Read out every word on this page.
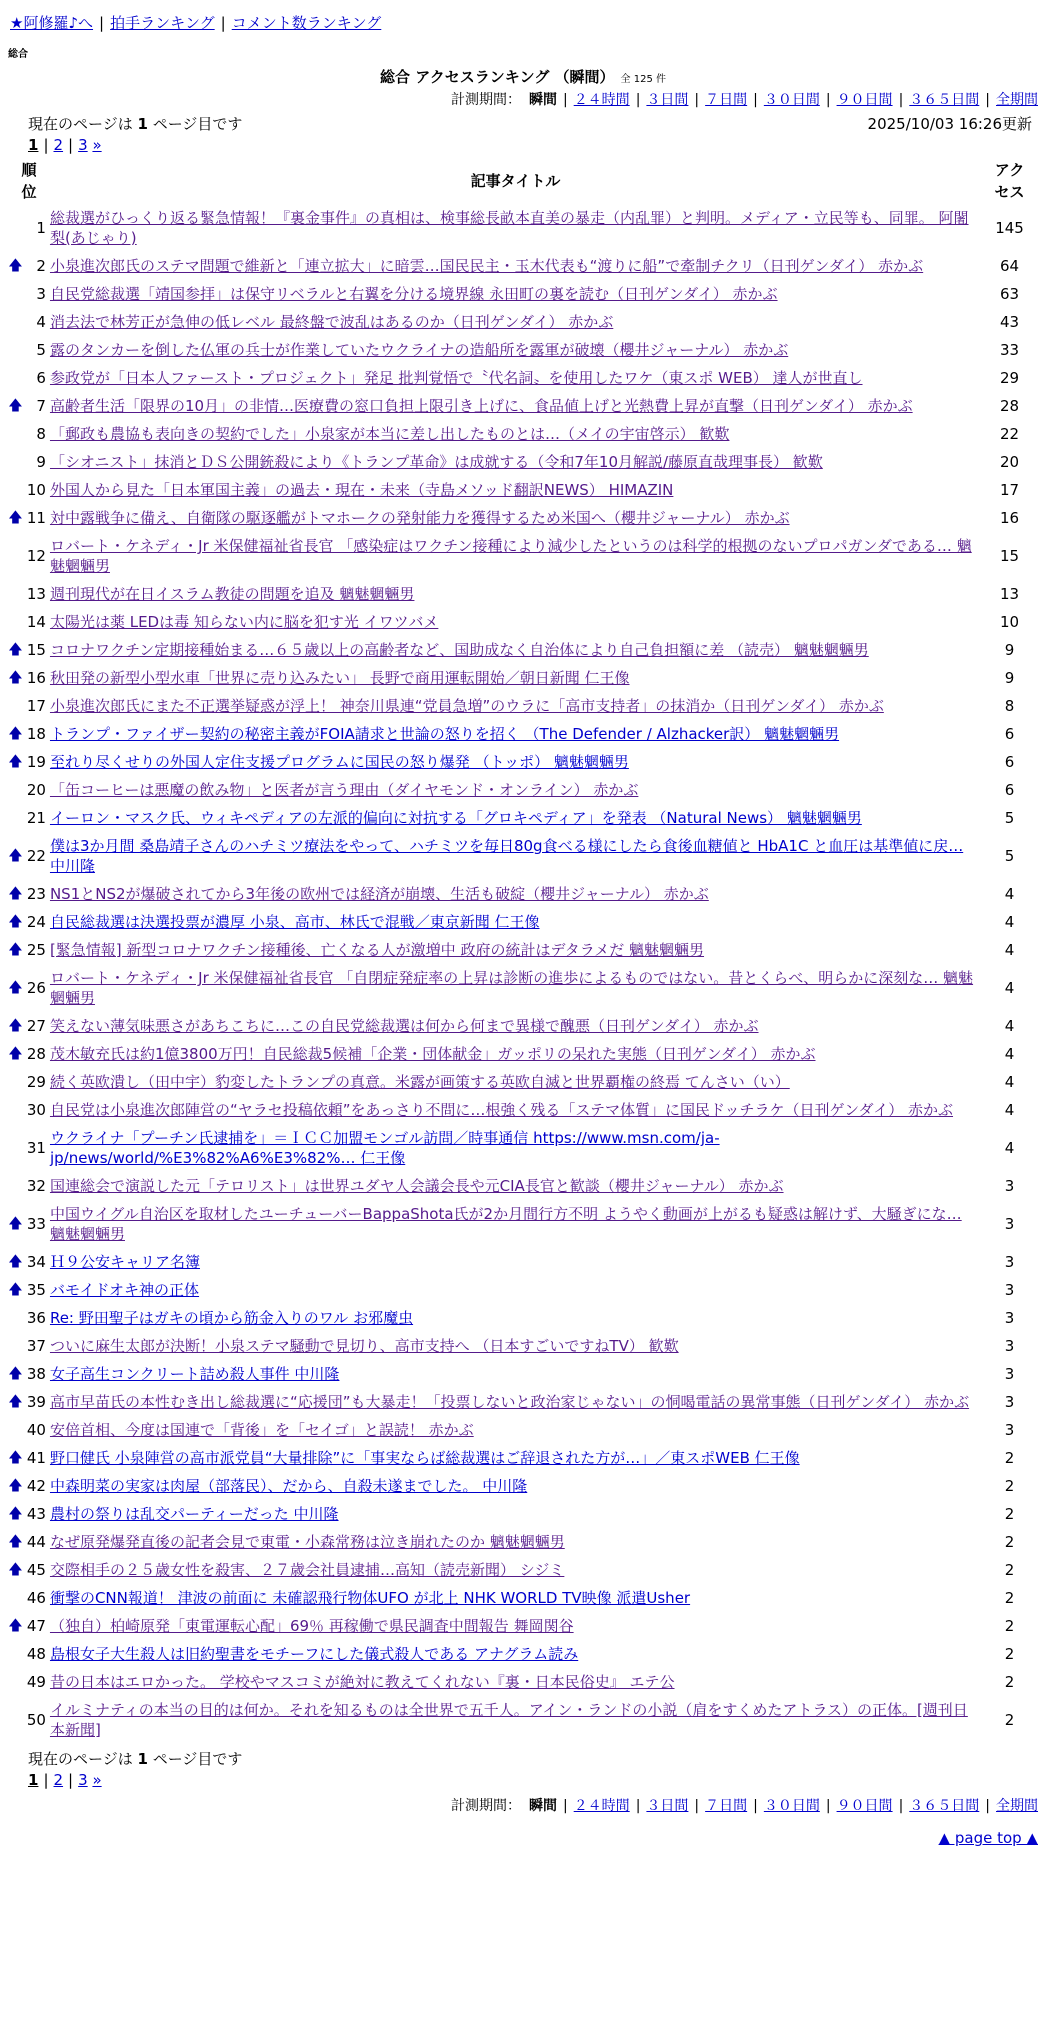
★阿修羅♪へ | 拍手ランキング | コメント数ランキング
総合
総合 アクセスランキング （瞬間） 全 125 件
計測期間： 瞬間 | ２４時間 | ３日間 | ７日間 | ３０日間 | ９０日間 | ３６５日間 | 全期間
現在のページは 1 ページ目です	2025/10/03 16:26更新
1 | 2 | 3 »
順位		記事タイトル	アクセス
	1	総裁選がひっくり返る緊急情報！『裏金事件』の真相は、検事総長畝本直美の暴走（内乱罪）と判明。メディア・立民等も、同罪。 阿闍梨(あじゃり)	145
🡅	2	小泉進次郎氏のステマ問題で維新と「連立拡大」に暗雲…国民民主・玉木代表も“渡りに船”で牽制チクリ（日刊ゲンダイ） 赤かぶ	64
	3	自民党総裁選「靖国参拝」は保守リベラルと右翼を分ける境界線 永田町の裏を読む（日刊ゲンダイ） 赤かぶ	63
	4	消去法で林芳正が急伸の低レベル 最終盤で波乱はあるのか（日刊ゲンダイ） 赤かぶ	43
	5	露のタンカーを倒した仏軍の兵士が作業していたウクライナの造船所を露軍が破壊（櫻井ジャーナル） 赤かぶ	33
	6	参政党が「日本人ファースト・プロジェクト」発足 批判覚悟で〝代名詞〟を使用したワケ（東スポ WEB） 達人が世直し	29
🡅	7	高齢者生活「限界の10月」の非情…医療費の窓口負担上限引き上げに、食品値上げと光熱費上昇が直撃（日刊ゲンダイ） 赤かぶ	28
	8	「郵政も農協も表向きの契約でした」小泉家が本当に差し出したものとは…（メイの宇宙啓示） 歓歎	22
	9	「シオニスト」抹消とＤＳ公開銃殺により《トランプ革命》は成就する（令和7年10月解説/藤原直哉理事長） 歓歎	20
	10	外国人から見た「日本軍国主義」の過去・現在・未来（寺島メソッド翻訳NEWS） HIMAZIN	17
🡅	11	対中露戦争に備え、自衛隊の駆逐艦がトマホークの発射能力を獲得するため米国へ（櫻井ジャーナル） 赤かぶ	16
	12	ロバート・ケネディ・Jr 米保健福祉省長官 「感染症はワクチン接種により減少したというのは科学的根拠のないプロパガンダである… 魑魅魍魎男	15
	13	週刊現代が在日イスラム教徒の問題を追及 魑魅魍魎男	13
	14	太陽光は薬 LEDは毒 知らない内に脳を犯す光 イワツバメ	10
🡅	15	コロナワクチン定期接種始まる…６５歳以上の高齢者など、国助成なく自治体により自己負担額に差 （読売） 魑魅魍魎男	9
🡅	16	秋田発の新型小型水車「世界に売り込みたい」 長野で商用運転開始／朝日新聞 仁王像	9
	17	小泉進次郎氏にまた不正選挙疑惑が浮上！ 神奈川県連“党員急増”のウラに「高市支持者」の抹消か（日刊ゲンダイ） 赤かぶ	8
🡅	18	トランプ・ファイザー契約の秘密主義がFOIA請求と世論の怒りを招く （The Defender / Alzhacker訳） 魑魅魍魎男	6
🡅	19	至れり尽くせりの外国人定住支援プログラムに国民の怒り爆発 （トッポ） 魑魅魍魎男	6
	20	「缶コーヒーは悪魔の飲み物」と医者が言う理由（ダイヤモンド・オンライン） 赤かぶ	6
	21	イーロン・マスク氏、ウィキペディアの左派的偏向に対抗する「グロキペディア」を発表 （Natural News） 魑魅魍魎男	5
🡅	22	僕は3か月間 桑島靖子さんのハチミツ療法をやって、ハチミツを毎日80g食べる様にしたら食後血糖値と HbA1C と血圧は基準値に戻… 中川隆	5
🡅	23	NS1とNS2が爆破されてから3年後の欧州では経済が崩壊、生活も破綻（櫻井ジャーナル） 赤かぶ	4
🡅	24	自民総裁選は決選投票が濃厚 小泉、高市、林氏で混戦／東京新聞 仁王像	4
🡅	25	[緊急情報] 新型コロナワクチン接種後、亡くなる人が激増中 政府の統計はデタラメだ 魑魅魍魎男	4
🡅	26	ロバート・ケネディ・Jr 米保健福祉省長官 「自閉症発症率の上昇は診断の進歩によるものではない。昔とくらべ、明らかに深刻な… 魑魅魍魎男	4
🡅	27	笑えない薄気味悪さがあちこちに…この自民党総裁選は何から何まで異様で醜悪（日刊ゲンダイ） 赤かぶ	4
🡅	28	茂木敏充氏は約1億3800万円！自民総裁5候補「企業・団体献金」ガッポリの呆れた実態（日刊ゲンダイ） 赤かぶ	4
	29	続く英欧潰し（田中宇）豹変したトランプの真意。米露が画策する英欧自滅と世界覇権の終焉 てんさい（い）	4
	30	自民党は小泉進次郎陣営の“ヤラセ投稿依頼”をあっさり不問に…根強く残る「ステマ体質」に国民ドッチラケ（日刊ゲンダイ） 赤かぶ	4
	31	ウクライナ「プーチン氏逮捕を」＝ＩＣＣ加盟モンゴル訪問／時事通信 https://www.msn.com/ja-jp/news/world/%E3%82%A6%E3%82%… 仁王像	4
	32	国連総会で演説した元「テロリスト」は世界ユダヤ人会議会長や元CIA長官と歓談（櫻井ジャーナル） 赤かぶ	3
🡅	33	中国ウイグル自治区を取材したユーチューバーBappaShota氏が2か月間行方不明 ようやく動画が上がるも疑惑は解けず、大騒ぎにな… 魑魅魍魎男	3
🡅	34	Ｈ９公安キャリア名簿	3
🡅	35	バモイドオキ神の正体	3
	36	Re: 野田聖子はガキの頃から筋金入りのワル お邪魔虫	3
	37	ついに麻生太郎が決断！小泉ステマ騒動で見切り、高市支持へ （日本すごいですねTV） 歓歎	3
🡅	38	女子高生コンクリート詰め殺人事件 中川隆	3
🡅	39	高市早苗氏の本性むき出し総裁選に“応援団”も大暴走！「投票しないと政治家じゃない」の恫喝電話の異常事態（日刊ゲンダイ） 赤かぶ	3
	40	安倍首相、今度は国連で「背後」を「セイゴ」と誤読！ 赤かぶ	3
🡅	41	野口健氏 小泉陣営の高市派党員“大量排除”に「事実ならば総裁選はご辞退された方が…」／東スポWEB 仁王像	2
🡅	42	中森明菜の実家は肉屋（部落民）、だから、自殺未遂までした。 中川隆	2
🡅	43	農村の祭りは乱交パーティーだった 中川隆	2
🡅	44	なぜ原発爆発直後の記者会見で東電・小森常務は泣き崩れたのか 魑魅魍魎男	2
🡅	45	交際相手の２５歳女性を殺害、２７歳会社員逮捕…高知（読売新聞） シジミ	2
	46	衝撃のCNN報道！ 津波の前面に 未確認飛行物体UFO が北上 NHK WORLD TV映像 派遣Usher	2
🡅	47	（独自）柏崎原発「東電運転心配」69％ 再稼働で県民調査中間報告 舞岡関谷	2
	48	島根女子大生殺人は旧約聖書をモチーフにした儀式殺人である アナグラム読み	2
	49	昔の日本はエロかった。 学校やマスコミが絶対に教えてくれない『裏・日本民俗史』 エテ公	2
	50	イルミナティの本当の目的は何か。それを知るものは全世界で五千人。アイン・ランドの小説（肩をすくめたアトラス）の正体。[週刊日本新聞]	2
現在のページは 1 ページ目です
1 | 2 | 3 »
計測期間： 瞬間 | ２４時間 | ３日間 | ７日間 | ３０日間 | ９０日間 | ３６５日間 | 全期間
▲ page top ▲
